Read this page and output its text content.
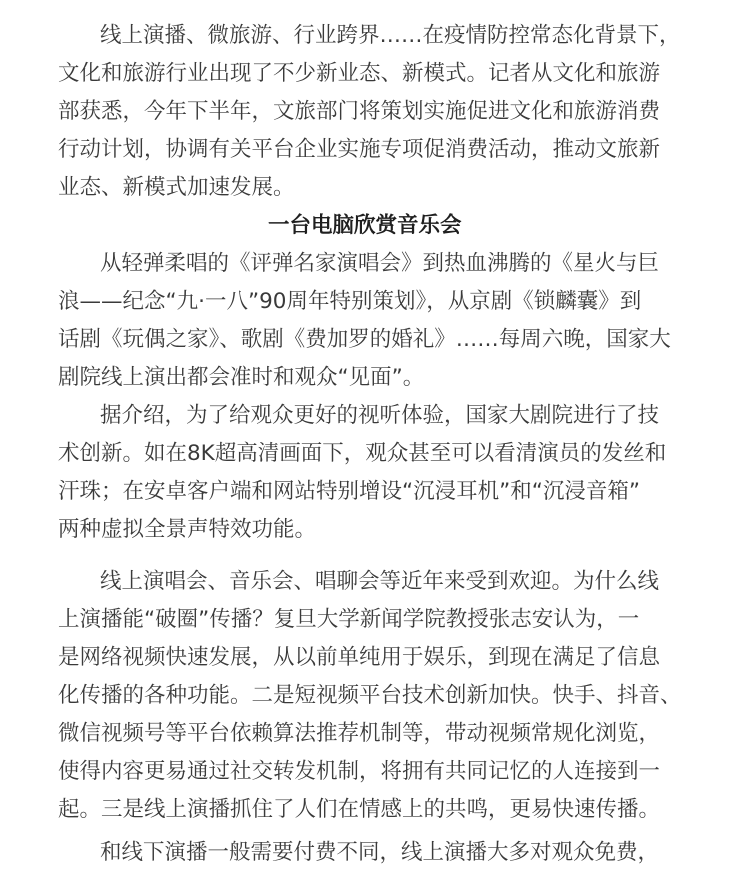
线上演播、微旅游、行业跨界……在疫情防控常态化背景下，
文化和旅游行业出现了不少新业态、新模式。记者从文化和旅游
部获悉，今年下半年，文旅部门将策划实施促进文化和旅游消费
行动计划，协调有关平台企业实施专项促消费活动，推动文旅新
业态、新模式加速发展。
一台电脑欣赏音乐会
从轻弹柔唱的《评弹名家演唱会》到热血沸腾的《星火与巨
浪——纪念“九·一八”90周年特别策划》，从京剧《锁麟囊》到
话剧《玩偶之家》、歌剧《费加罗的婚礼》……每周六晚，国家大
剧院线上演出都会准时和观众“见面”。
据介绍，为了给观众更好的视听体验，国家大剧院进行了技
术创新。如在8K超高清画面下，观众甚至可以看清演员的发丝和
汗珠；在安卓客户端和网站特别增设“沉浸耳机”和“沉浸音箱”
两种虚拟全景声特效功能。
线上演唱会、音乐会、唱聊会等近年来受到欢迎。为什么线
上演播能“破圈”传播？复旦大学新闻学院教授张志安认为，一
是网络视频快速发展，从以前单纯用于娱乐，到现在满足了信息
化传播的各种功能。二是短视频平台技术创新加快。快手、抖音、
微信视频号等平台依赖算法推荐机制等，带动视频常规化浏览，
使得内容更易通过社交转发机制，将拥有共同记忆的人连接到一
起。三是线上演播抓住了人们在情感上的共鸣，更易快速传播。
和线下演播一般需要付费不同，线上演播大多对观众免费，
